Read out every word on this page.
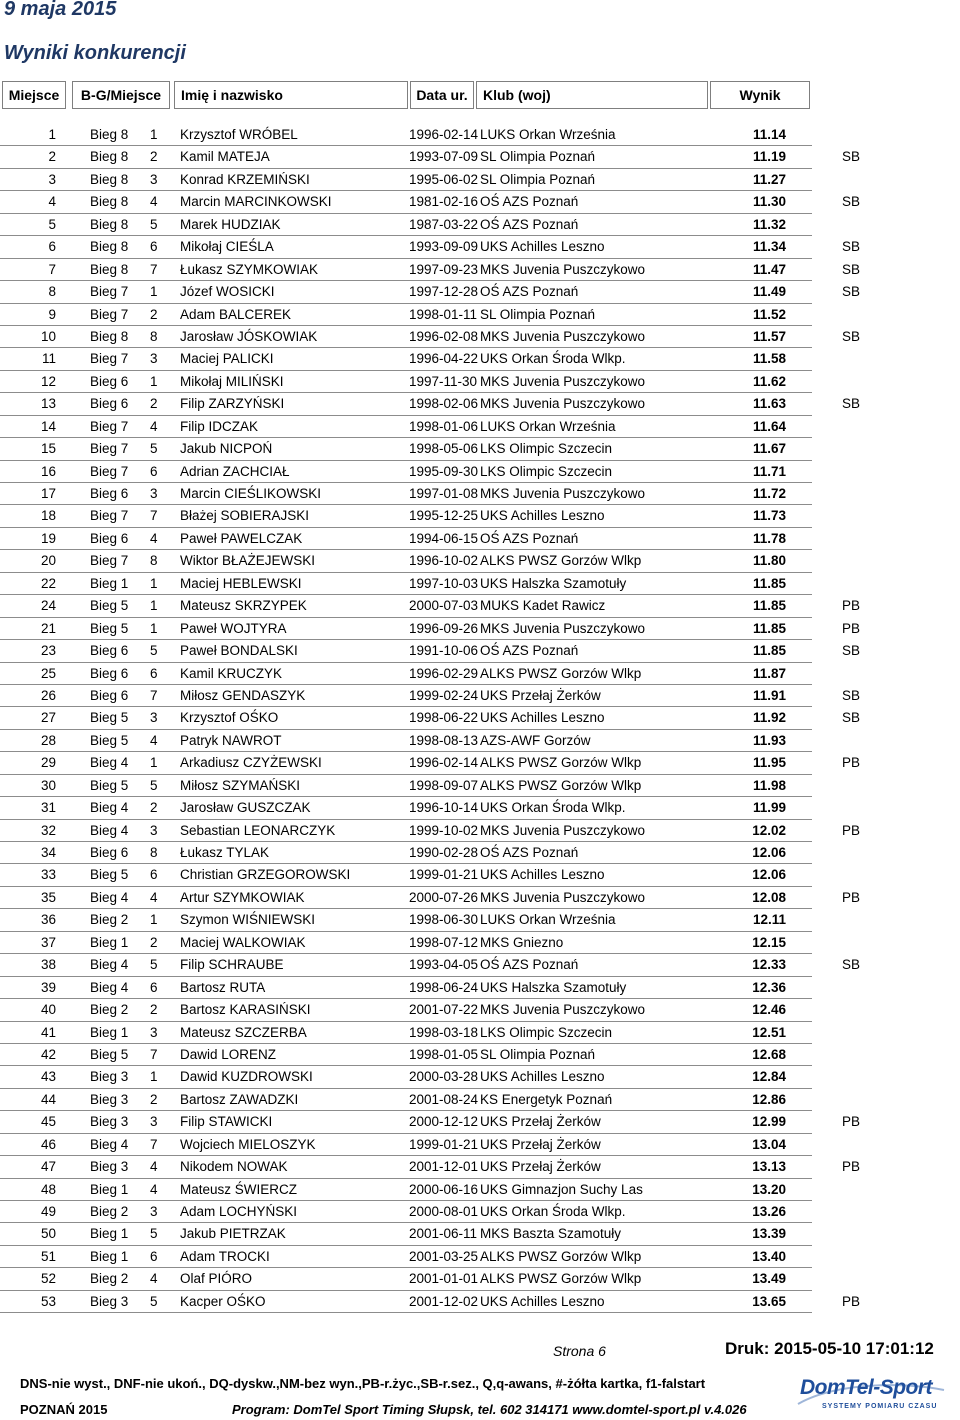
9 maja 2015
Wyniki konkurencji
Miejsce	B-G/Miejsce	Imię i nazwisko	Data ur.	Klub (woj)	Wynik
1	Bieg 8 1 Krzysztof WRÓBEL	1996-02-14 LUKS Orkan Września	11.14
2	Bieg 8 2 Kamil MATEJA	1993-07-09 SL Olimpia Poznań	11.19	SB
3	Bieg 8 3 Konrad KRZEMIŃSKI	1995-06-02 SL Olimpia Poznań	11.27
4	Bieg 8 4 Marcin MARCINKOWSKI	1981-02-16 OŚ AZS Poznań	11.30	SB
5	Bieg 8 5 Marek HUDZIAK	1987-03-22 OŚ AZS Poznań	11.32
6	Bieg 8 6 Mikołaj CIEŚLA	1993-09-09 UKS Achilles Leszno	11.34	SB
7	Bieg 8 7 Łukasz SZYMKOWIAK	1997-09-23 MKS Juvenia Puszczykowo	11.47	SB
8	Bieg 7 1 Józef WOSICKI	1997-12-28 OŚ AZS Poznań	11.49	SB
9	Bieg 7 2 Adam BALCEREK	1998-01-11 SL Olimpia Poznań	11.52
10	Bieg 8 8 Jarosław JÓSKOWIAK	1996-02-08 MKS Juvenia Puszczykowo	11.57	SB
11	Bieg 7 3 Maciej PALICKI	1996-04-22 UKS Orkan Środa Wlkp.	11.58
12	Bieg 6 1 Mikołaj MILIŃSKI	1997-11-30 MKS Juvenia Puszczykowo	11.62
13	Bieg 6 2 Filip ZARZYŃSKI	1998-02-06 MKS Juvenia Puszczykowo	11.63	SB
14	Bieg 7 4 Filip IDCZAK	1998-01-06 LUKS Orkan Września	11.64
15	Bieg 7 5 Jakub NICPOŃ	1998-05-06 LKS Olimpic Szczecin	11.67
16	Bieg 7 6 Adrian ZACHCIAŁ	1995-09-30 LKS Olimpic Szczecin	11.71
17	Bieg 6 3 Marcin CIEŚLIKOWSKI	1997-01-08 MKS Juvenia Puszczykowo	11.72
18	Bieg 7 7 Błażej SOBIERAJSKI	1995-12-25 UKS Achilles Leszno	11.73
19	Bieg 6 4 Paweł PAWELCZAK	1994-06-15 OŚ AZS Poznań	11.78
20	Bieg 7 8 Wiktor BŁAŻEJEWSKI	1996-10-02 ALKS PWSZ Gorzów Wlkp	11.80
22	Bieg 1 1 Maciej HEBLEWSKI	1997-10-03 UKS Halszka Szamotuły	11.85
24	Bieg 5 1 Mateusz SKRZYPEK	2000-07-03 MUKS Kadet Rawicz	11.85	PB
21	Bieg 5 1 Paweł WOJTYRA	1996-09-26 MKS Juvenia Puszczykowo	11.85	PB
23	Bieg 6 5 Paweł BONDALSKI	1991-10-06 OŚ AZS Poznań	11.85	SB
25	Bieg 6 6 Kamil KRUCZYK	1996-02-29 ALKS PWSZ Gorzów Wlkp	11.87
26	Bieg 6 7 Miłosz GENDASZYK	1999-02-24 UKS Przełaj Żerków	11.91	SB
27	Bieg 5 3 Krzysztof OŚKO	1998-06-22 UKS Achilles Leszno	11.92	SB
28	Bieg 5 4 Patryk NAWROT	1998-08-13 AZS-AWF Gorzów	11.93
29	Bieg 4 1 Arkadiusz CZYŻEWSKI	1996-02-14 ALKS PWSZ Gorzów Wlkp	11.95	PB
30	Bieg 5 5 Miłosz SZYMAŃSKI	1998-09-07 ALKS PWSZ Gorzów Wlkp	11.98
31	Bieg 4 2 Jarosław GUSZCZAK	1996-10-14 UKS Orkan Środa Wlkp.	11.99
32	Bieg 4 3 Sebastian LEONARCZYK	1999-10-02 MKS Juvenia Puszczykowo	12.02	PB
34	Bieg 6 8 Łukasz TYLAK	1990-02-28 OŚ AZS Poznań	12.06
33	Bieg 5 6 Christian GRZEGOROWSKI	1999-01-21 UKS Achilles Leszno	12.06
35	Bieg 4 4 Artur SZYMKOWIAK	2000-07-26 MKS Juvenia Puszczykowo	12.08	PB
36	Bieg 2 1 Szymon WIŚNIEWSKI	1998-06-30 LUKS Orkan Września	12.11
37	Bieg 1 2 Maciej WALKOWIAK	1998-07-12 MKS Gniezno	12.15
38	Bieg 4 5 Filip SCHRAUBE	1993-04-05 OŚ AZS Poznań	12.33	SB
39	Bieg 4 6 Bartosz RUTA	1998-06-24 UKS Halszka Szamotuły	12.36
40	Bieg 2 2 Bartosz KARASIŃSKI	2001-07-22 MKS Juvenia Puszczykowo	12.46
41	Bieg 1 3 Mateusz SZCZERBA	1998-03-18 LKS Olimpic Szczecin	12.51
42	Bieg 5 7 Dawid LORENZ	1998-01-05 SL Olimpia Poznań	12.68
43	Bieg 3 1 Dawid KUZDROWSKI	2000-03-28 UKS Achilles Leszno	12.84
44	Bieg 3 2 Bartosz ZAWADZKI	2001-08-24 KS Energetyk Poznań	12.86
45	Bieg 3 3 Filip STAWICKI	2000-12-12 UKS Przełaj Żerków	12.99	PB
46	Bieg 4 7 Wojciech MIELOSZYK	1999-01-21 UKS Przełaj Żerków	13.04
47	Bieg 3 4 Nikodem NOWAK	2001-12-01 UKS Przełaj Żerków	13.13	PB
48	Bieg 1 4 Mateusz ŚWIERCZ	2000-06-16 UKS Gimnazjon Suchy Las	13.20
49	Bieg 2 3 Adam LOCHYŃSKI	2000-08-01 UKS Orkan Środa Wlkp.	13.26
50	Bieg 1 5 Jakub PIETRZAK	2001-06-11 MKS Baszta Szamotuły	13.39
51	Bieg 1 6 Adam TROCKI	2001-03-25 ALKS PWSZ Gorzów Wlkp	13.40
52	Bieg 2 4 Olaf PIÓRO	2001-01-01 ALKS PWSZ Gorzów Wlkp	13.49
53	Bieg 3 5 Kacper OŚKO	2001-12-02 UKS Achilles Leszno	13.65	PB
Strona 6	Druk: 2015-05-10 17:01:12
DNS-nie wyst., DNF-nie ukoń., DQ-dyskw.,NM-bez wyn.,PB-r.życ.,SB-r.sez., Q,q-awans, #-żółta kartka, f1-falstart
POZNAŃ 2015	Program: DomTel Sport Timing Słupsk, tel. 602 314171 www.domtel-sport.pl v.4.026
DomTel-Sport
SYSTEMY POMIARU CZASU
